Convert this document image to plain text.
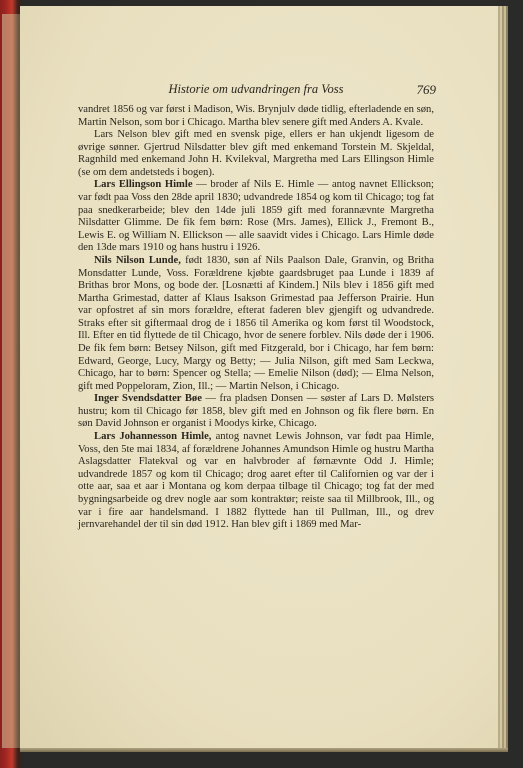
Historie om udvandringen fra Voss	769

vandret 1856 og var først i Madison, Wis. Brynjulv døde tidlig, efterladende en søn, Martin Nelson, som bor i Chicago. Martha blev senere gift med Anders A. Kvale.

Lars Nelson blev gift med en svensk pige, ellers er han ukjendt ligesom de øvrige sønner. Gjertrud Nilsdatter blev gift med enkemand Torstein M. Skjeldal, Ragnhild med enkemand John H. Kvilekval, Margretha med Lars Ellingson Himle (se om dem andetsteds i bogen).

Lars Ellingson Himle — broder af Nils E. Himle — antog navnet Ellickson; var født paa Voss den 28de april 1830; udvandrede 1854 og kom til Chicago; tog fat paa snedkerarbeide; blev den 14de juli 1859 gift med forannævnte Margretha Nilsdatter Glimme. De fik fem børn: Rose (Mrs. James), Ellick J., Fremont B., Lewis E. og William N. Ellickson — alle saavidt vides i Chicago. Lars Himle døde den 13de mars 1910 og hans hustru i 1926.

Nils Nilson Lunde, født 1830, søn af Nils Paalson Dale, Granvin, og Britha Monsdatter Lunde, Voss. Forældrene kjøbte gaardsbruget paa Lunde i 1839 af Brithas bror Mons, og bode der. [Losnætti af Kindem.] Nils blev i 1856 gift med Martha Grimestad, datter af Klaus Isakson Grimestad paa Jefferson Prairie. Hun var opfostret af sin mors forældre, efterat faderen blev gjengift og udvandrede. Straks efter sit giftermaal drog de i 1856 til Amerika og kom først til Woodstock, Ill. Efter en tid flyttede de til Chicago, hvor de senere forblev. Nils døde der i 1906. De fik fem børn: Betsey Nilson, gift med Fitzgerald, bor i Chicago, har fem børn: Edward, George, Lucy, Margy og Betty; — Julia Nilson, gift med Sam Leckwa, Chicago, har to børn: Spencer og Stella; — Emelie Nilson (død); — Elma Nelson, gift med Poppeloram, Zion, Ill.; — Martin Nelson, i Chicago.

Inger Svendsdatter Bøe — fra pladsen Donsen — søster af Lars D. Mølsters hustru; kom til Chicago før 1858, blev gift med en Johnson og fik flere børn. En søn David Johnson er organist i Moodys kirke, Chicago.

Lars Johannesson Himle, antog navnet Lewis Johnson, var født paa Himle, Voss, den 5te mai 1834, af forældrene Johannes Amundson Himle og hustru Martha Aslagsdatter Flatekval og var en halvbroder af førnævnte Odd J. Himle; udvandrede 1857 og kom til Chicago; drog aaret efter til Californien og var der i otte aar, saa et aar i Montana og kom derpaa tilbage til Chicago; tog fat der med bygningsarbeide og drev nogle aar som kontraktør; reiste saa til Millbrook, Ill., og var i fire aar handelsmand. I 1882 flyttede han til Pullman, Ill., og drev jernvarehandel der til sin død 1912. Han blev gift i 1869 med Mar-
